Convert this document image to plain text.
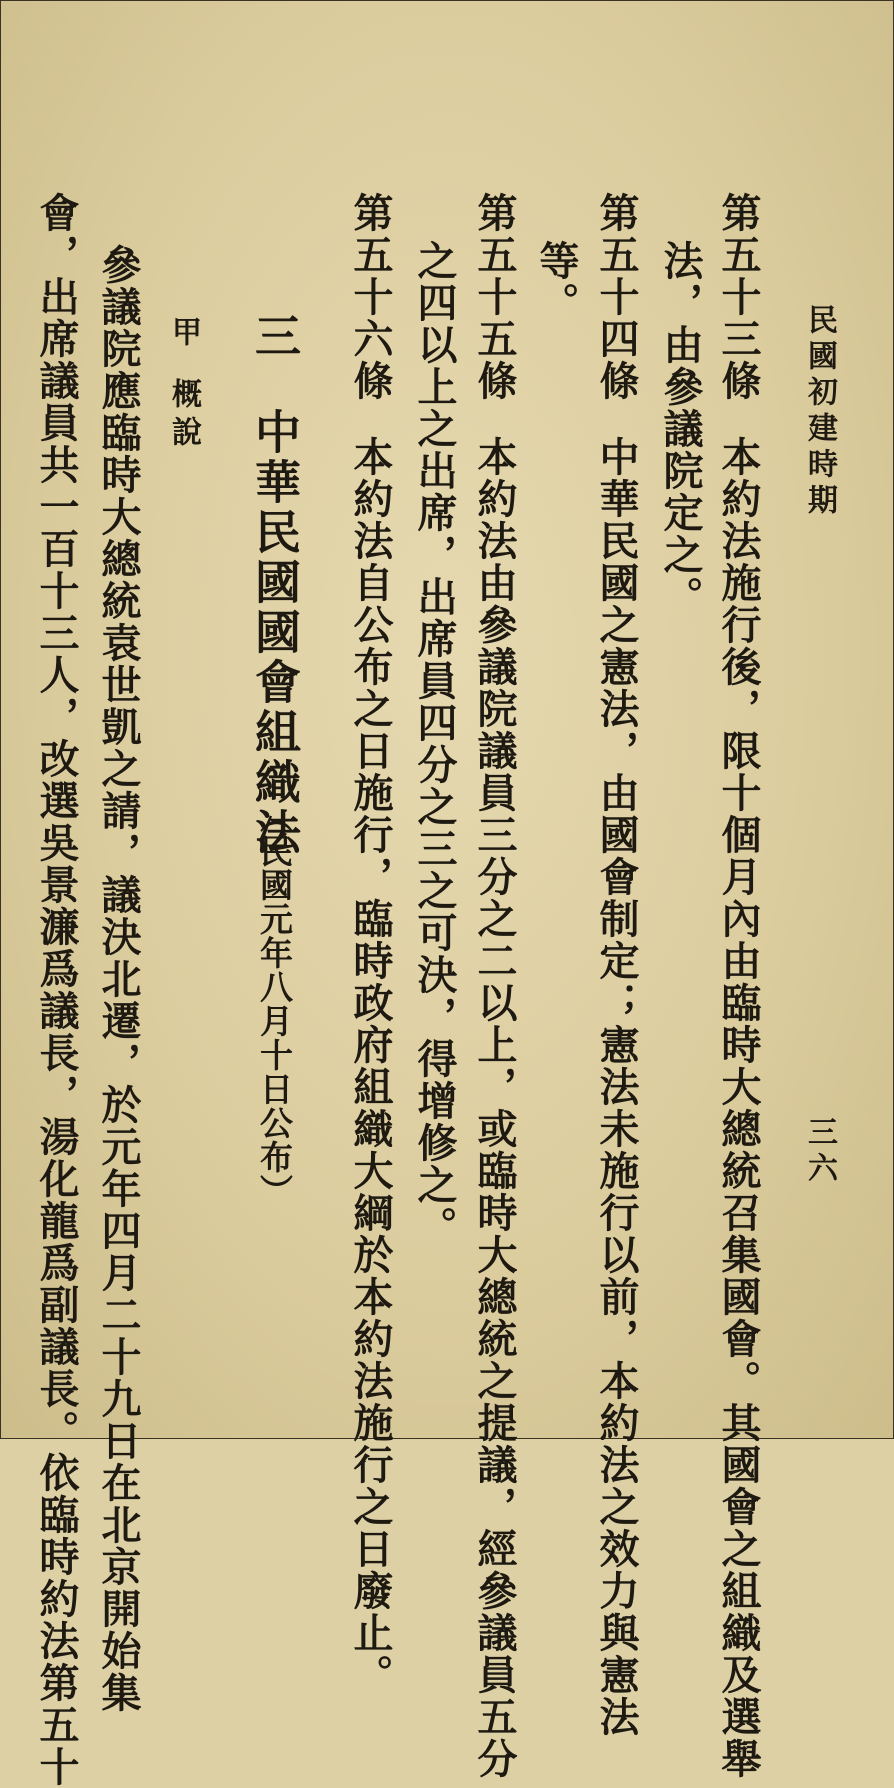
民國初建時期
三六
第五十三條本約法施行後，限十個月內由臨時大總統召集國會。其國會之組織及選舉
法，由參議院定之。
第五十四條中華民國之憲法，由國會制定；憲法未施行以前，本約法之效力與憲法
等。
第五十五條本約法由參議院議員三分之二以上，或臨時大總統之提議，經參議員五分
之四以上之出席，出席員四分之三之可決，得增修之。
第五十六條本約法自公布之日施行，臨時政府組織大綱於本約法施行之日廢止。
三中華民國國會組織法
（民國元年八月十日公布）
甲概說
參議院應臨時大總統袁世凱之請，議決北遷，於元年四月二十九日在北京開始集
會，出席議員共一百十三人，改選吳景濂爲議長，湯化龍爲副議長。依臨時約法第五十
